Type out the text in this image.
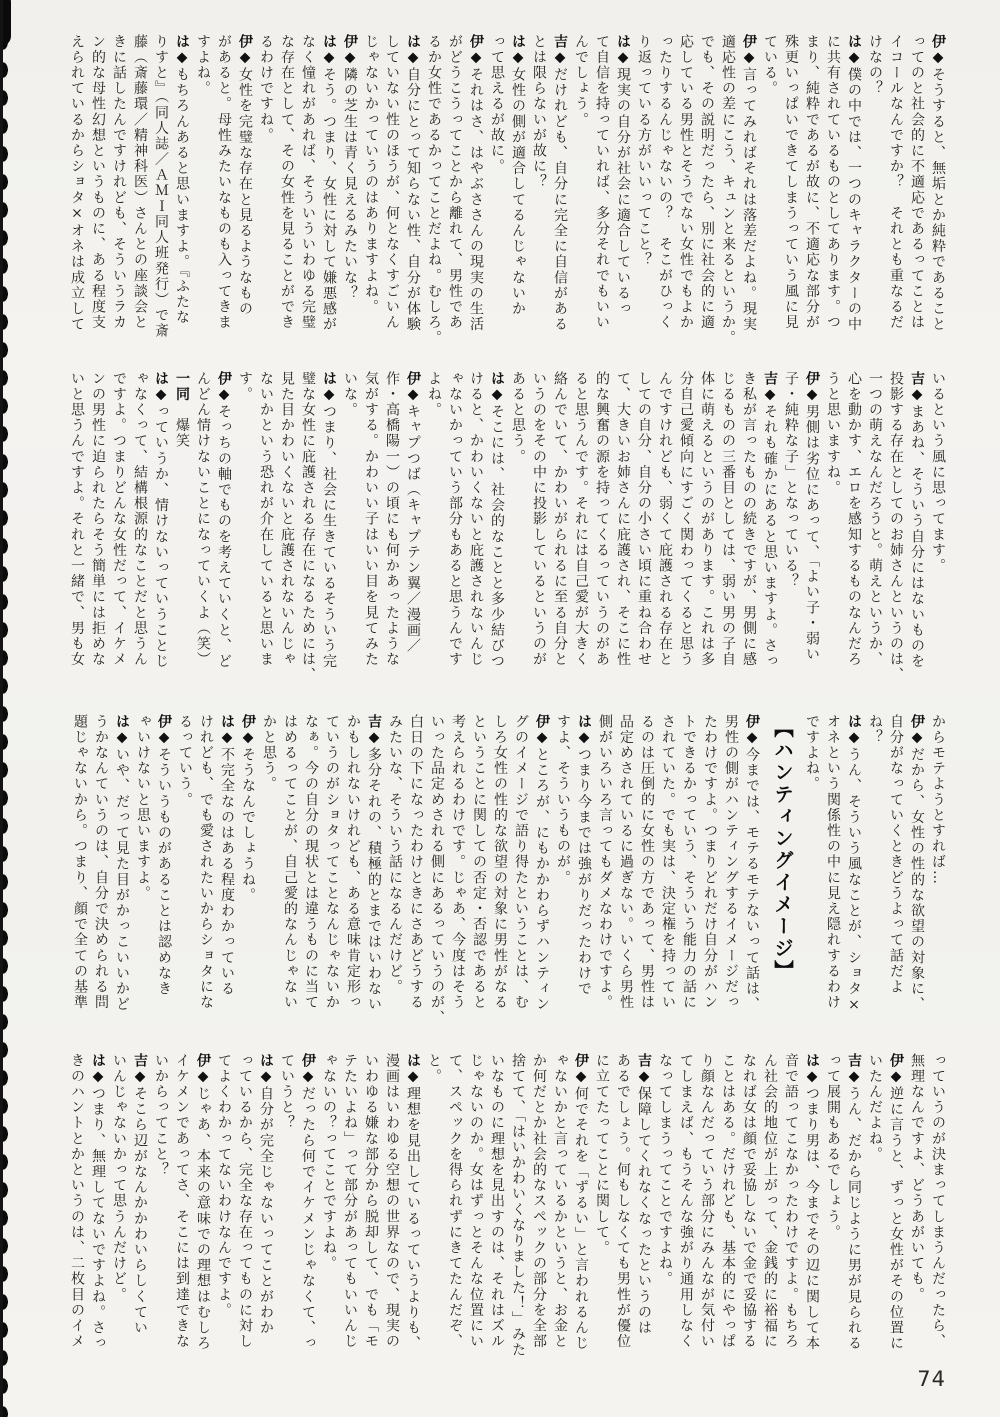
伊◆そうすると、無垢とか純粋であること
ってのと社会的に不適応であるってことは
イコールなんですか？　それとも重なるだ
けなの？
は◆僕の中では、一つのキャラクターの中
に共有されているものとしてあります。つ
まり、純粋であるが故に、不適応な部分が
殊更いっぱいできてしまうっていう風に見
ている。
伊◆言ってみればそれは落差だよね。現実
適応性の差にこう、キュンと来るというか。
でも、その説明だったら、別に社会的に適
応している男性とそうでない女性でもよか
ったりするんじゃないの？　そこがひっく
り返っている方がいいってこと？
は◆現実の自分が社会に適合しているっ
て自信を持っていれば、多分それでもいい
んでしょう。
吉◆だけれども、自分に完全に自信がある
とは限らないが故に？
は◆女性の側が適合してるんじゃないか
って思えるが故に。
伊◆それはさ、はやぶささんの現実の生活
がどうこうってことから離れて、男性であ
るか女性であるかってことだよね。むしろ。
は◆自分にとって知らない性、自分が体験
していない性のほうが、何となくすごいん
じゃないかっていうのはありますよね。
伊◆隣の芝生は青く見えるみたいな？
は◆そう。つまり、女性に対して嫌悪感が
なく憧れがあれば、そういういわゆる完璧
な存在として、その女性を見ることができ
るわけですね。
伊◆女性を完璧な存在と見るようなもの
があると。母性みたいなものも入ってきま
すよね。
は◆もちろんあると思いますよ。『ふたな
りすと』（同人誌／ＡＭＩ同人班発行）で斎
藤（斎藤環／精神科医）さんとの座談会と
きに話したんですけれども、そういうラカ
ン的な母性幻想というものに、ある程度支
えられているからショタ×オネは成立して
いるという風に思ってます。
吉◆まあね、そういう自分にはないものを
投影する存在としてのお姉さんというのは、
一つの萌えなんだろうと。萌えというか、
心を動かす、エロを感知するものなんだろ
うと思いますね。
伊◆男側は劣位にあって、「よい子・弱い
子・純粋な子」となっている？
吉◆それも確かにあると思いますよ。さっ
き私が言ったものの続きですが、男側に感
じるものの三番目としては、弱い男の子自
体に萌えるというのがあります。これは多
分自己愛傾向にすごく関わってくると思う
んですけれども、弱くて庇護される存在と
しての自分、自分の小さい頃に重ね合わせ
て、大きいお姉さんに庇護され、そこに性
的な興奮の源を持ってくるっていうのがあ
ると思うんです。それには自己愛が大きく
絡んでいて、かわいがられるに至る自分と
いうのをその中に投影しているというのが
あると思う。
は◆そこには、社会的なことと多少結びつ
けると、かわいくないと庇護されないんじ
ゃないかっていう部分もあると思うんです
よね。
伊◆キャプつば（キャプテン翼／漫画／
作・高橋陽一）の頃にも何かあったような
気がする。かわいい子はいい目を見てみた
いな。
は◆つまり、社会に生きているそういう完
璧な女性に庇護される存在になるためには、
見た目かわいくないと庇護されないんじゃ
ないかという恐れが介在していると思いま
す。
伊◆そっちの軸でものを考えていくと、ど
んどん情けないことになっていくよ（笑）
一同　爆笑
は◆っていうか、情けないっていうことじ
ゃなくって、結構根源的なことだと思うん
ですよ。つまりどんな女性だって、イケメ
ンの男性に迫られたらそう簡単には拒めな
いと思うんですよ。それと一緒で、男も女
からモテようとすれば…
伊◆だから、女性の性的な欲望の対象に、
自分がなっていくときどうよって話だよ
ね？
は◆うん、そういう風なことが、ショタ×
オネという関係性の中に見え隠れするわけ
ですよね。
【ハンティングイメージ】
伊◆今までは、モテるモテないって話は、
男性の側がハンティングするイメージだっ
たわけですよ。つまりどれだけ自分がハン
トできるかっていう、そういう能力の話に
されていた。でも実は、決定権を持ってい
るのは圧倒的に女性の方であって、男性は
品定めされているに過ぎない。いくら男性
側がいろいろ言ってもダメなわけですよ。
は◆つまり今までは強がりだったわけで
すよ、そういうものが。
伊◆ところが、にもかかわらずハンティン
グのイメージで語り得たということは、む
しろ女性の性的な欲望の対象に男性がなる
ということに関しての否定・否認であると
考えられるわけです。じゃあ、今度はそう
いった品定めされる側にあるっていうのが、
白日の下になったわけときにさあどうする
みたいな、そういう話になるんだけど。
吉◆多分それの、積極的とまではいわない
かもしれないけれども、ある意味肯定形っ
ていうのがショタってことなんじゃないか
なぁ。今の自分の現状とは違うものに当て
はめるってことが、自己愛的なんじゃない
かと思う。
伊◆そうなんでしょうね。
は◆不完全なのはある程度わかっている
けれども、でも愛されたいからショタにな
るっていう。
伊◆そういうものがあることは認めなき
ゃいけないと思いますよ。
は◆いや、だって見た目がかっこいいかど
うかなんていうのは、自分で決められる問
題じゃないから。つまり、顔で全ての基準
っていうのが決まってしまうんだったら、
無理なんですよ、どうあがいても。
伊◆逆に言うと、ずっと女性がその位置に
いたんだよね。
吉◆うん、だから同じように男が見られる
って展開もあるでしょう。
は◆つまり男は、今までその辺に関して本
音で語ってこなかったわけですよ。もちろ
ん社会的地位が上がって、金銭的に裕福に
なれば女は顔で妥協しないで金で妥協する
ことはある。だけれども、基本的にやっぱ
り顔なんだっていう部分にみんなが気付い
てしまえば、もうそんな強がり通用しなく
なってしまうってことですよね。
吉◆保障してくれなくなったというのは
あるでしょう。何もしなくても男性が優位
に立てたってことに関して。
伊◆何でそれを「ずるい」と言われるんじ
ゃないかと言っているかというと、お金と
か何だとか社会的なスペックの部分を全部
捨てて、「はいかわいくなりました！」みた
いなものに理想を見出すのは、それはズル
じゃないのか。女はずっとそんな位置にい
て、スペックを得られずにきてたんだぞ、
と。
は◆理想を見出しているっていうよりも、
漫画はいわゆる空想の世界なので、現実の
いわゆる嫌な部分から脱却して、でも「モ
テたいよね」って部分があってもいいんじ
ゃないの？ってことですよね。
伊◆だったら何でイケメンじゃなくて、っ
ていうと？
は◆自分が完全じゃないってことがわか
っているから、完全な存在ってものに対し
てよくわかってないわけなんですよ。
伊◆じゃあ、本来の意味での理想はむしろ
イケメンであってさ、そこには到達できな
いからってこと？
吉◆そこら辺がなんかかわいらしくてい
いんじゃないかって思うんだけど。
は◆つまり、無理してないですよね。さっ
きのハントとかというのは、二枚目のイメ
74
